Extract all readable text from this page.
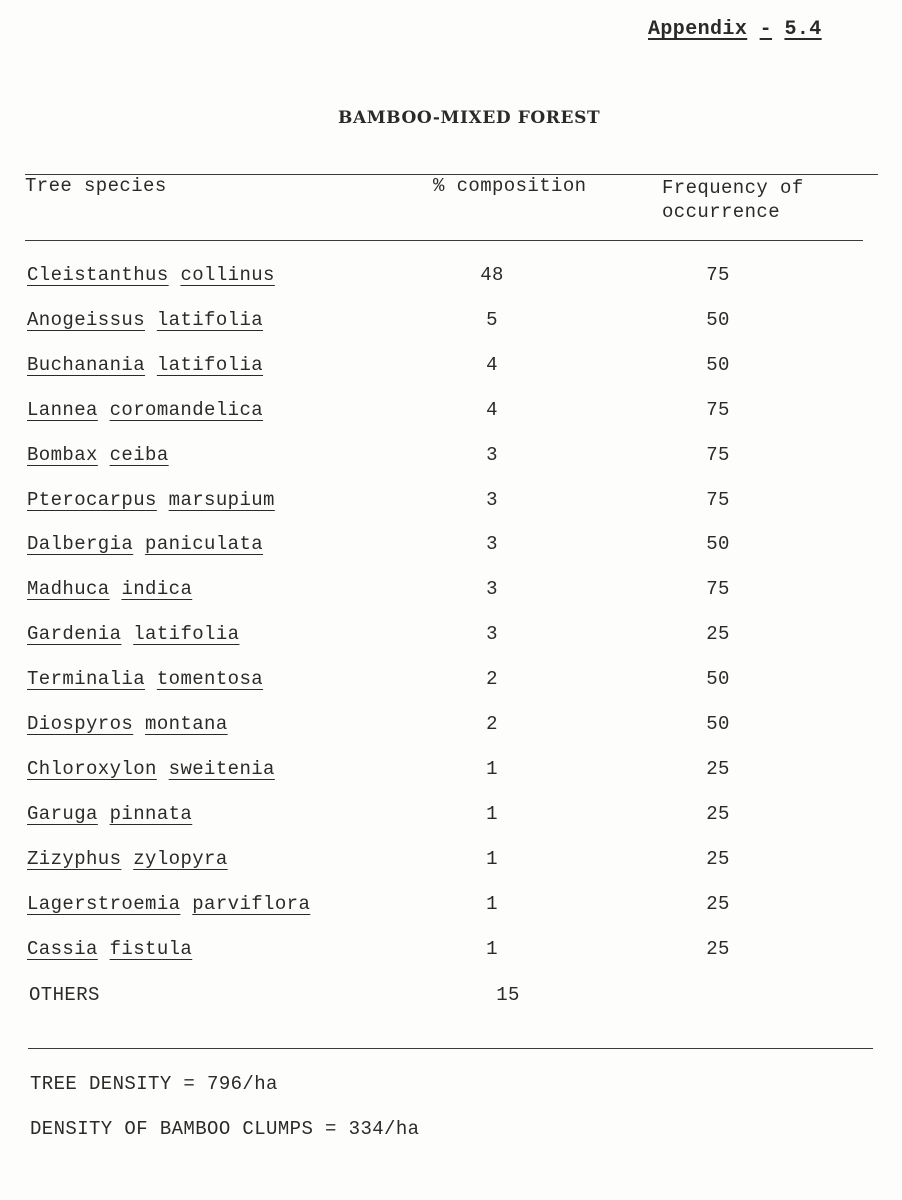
Appendix - 5.4
BAMBOO-MIXED FOREST
Tree species	% composition	Frequency of
occurrence
Cleistanthus collinus	48	75
Anogeissus latifolia	5	50
Buchanania latifolia	4	50
Lannea coromandelica	4	75
Bombax ceiba	3	75
Pterocarpus marsupium	3	75
Dalbergia paniculata	3	50
Madhuca indica	3	75
Gardenia latifolia	3	25
Terminalia tomentosa	2	50
Diospyros montana	2	50
Chloroxylon sweitenia	1	25
Garuga pinnata	1	25
Zizyphus zylopyra	1	25
Lagerstroemia parviflora	1	25
Cassia fistula	1	25
OTHERS	15
TREE DENSITY = 796/ha
DENSITY OF BAMBOO CLUMPS = 334/ha
